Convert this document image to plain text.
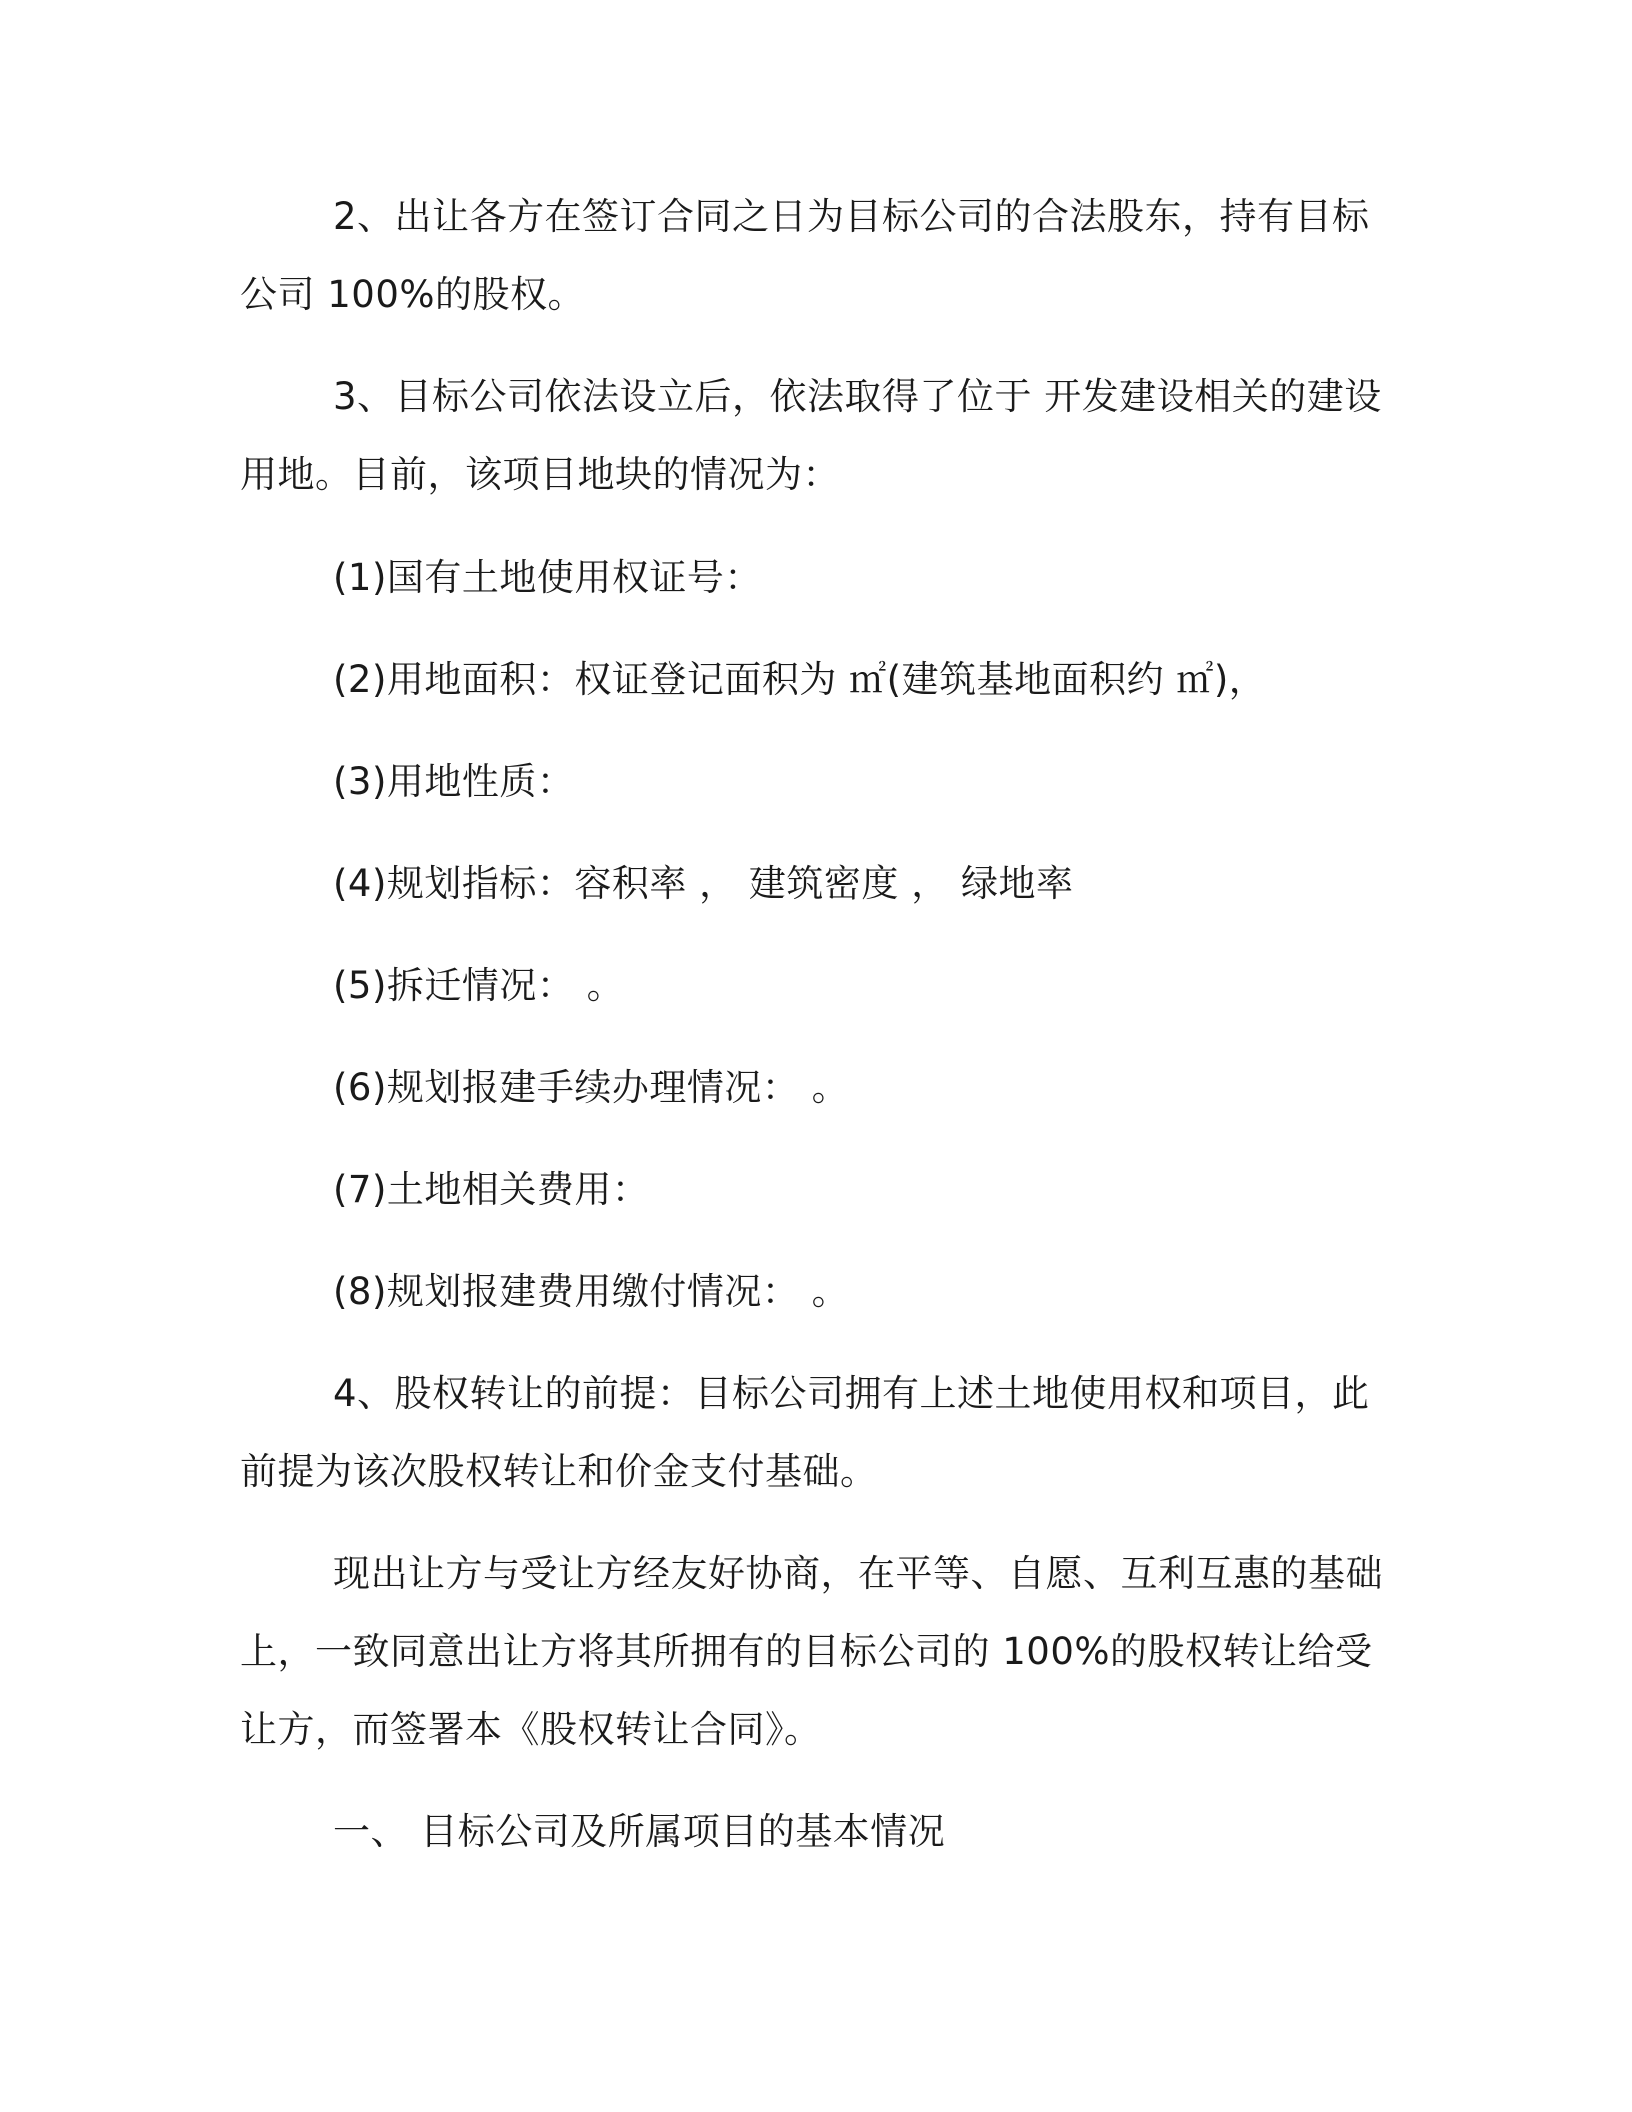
2、出让各方在签订合同之日为目标公司的合法股东，持有目标
公司 100%的股权。
3、目标公司依法设立后，依法取得了位于 开发建设相关的建设
用地。目前，该项目地块的情况为：
(1)国有土地使用权证号：
(2)用地面积：权证登记面积为 ㎡(建筑基地面积约 ㎡)，
(3)用地性质：
(4)规划指标：容积率 ， 建筑密度 ， 绿地率
(5)拆迁情况： 。
(6)规划报建手续办理情况： 。
(7)土地相关费用：
(8)规划报建费用缴付情况： 。
4、股权转让的前提：目标公司拥有上述土地使用权和项目，此
前提为该次股权转让和价金支付基础。
现出让方与受让方经友好协商，在平等、自愿、互利互惠的基础
上，一致同意出让方将其所拥有的目标公司的 100%的股权转让给受
让方，而签署本《股权转让合同》。
一、 目标公司及所属项目的基本情况
